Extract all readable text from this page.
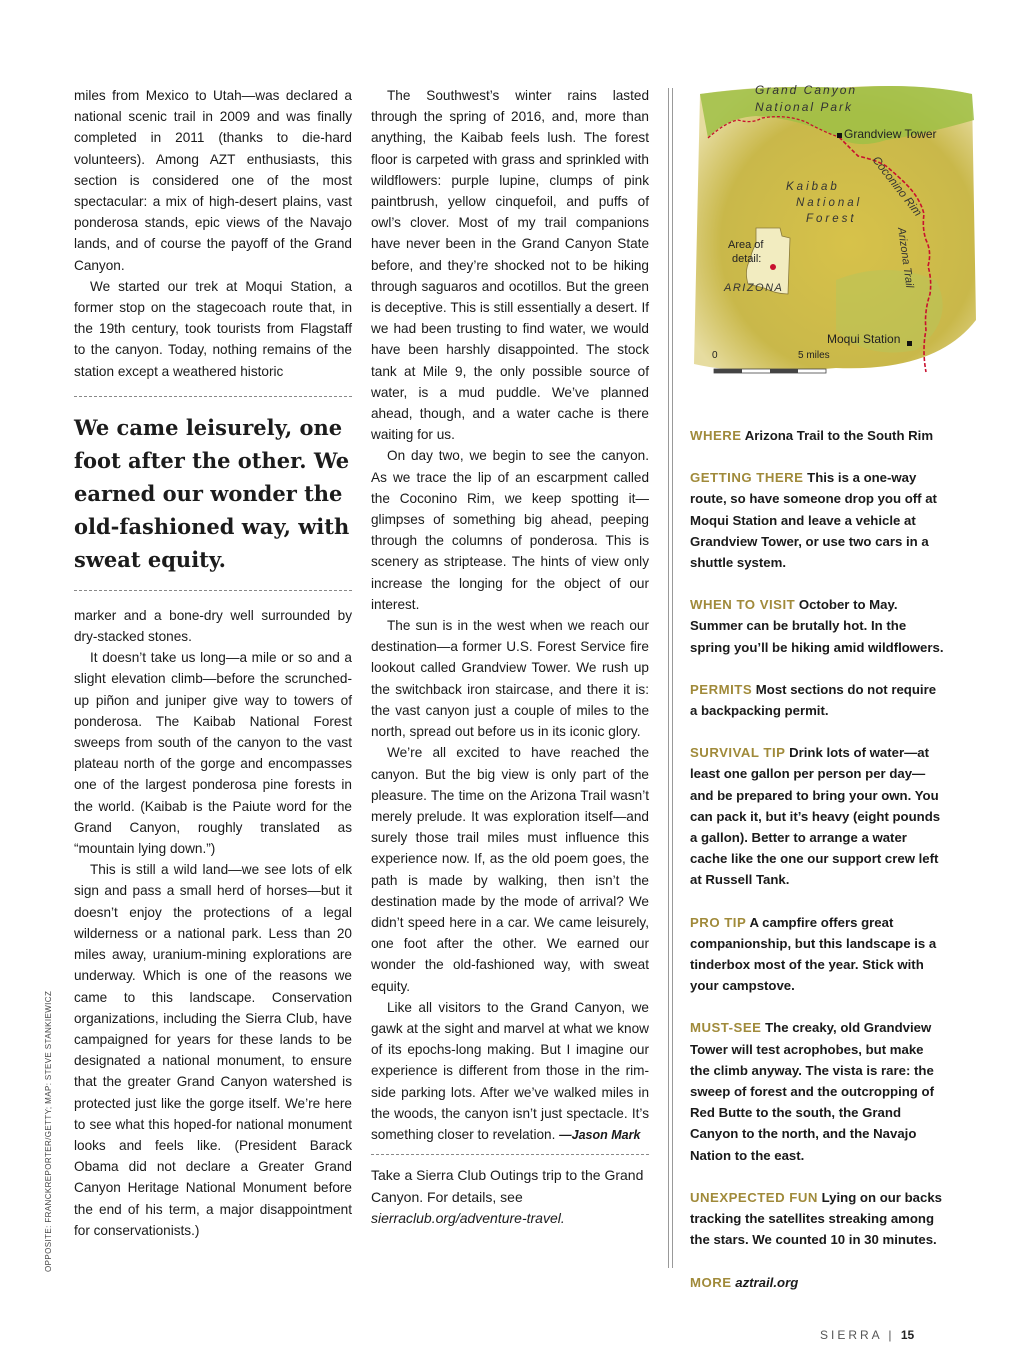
OPPOSITE: FRANCKREPORTER/GETTY; MAP: STEVE STANKIEWICZ

miles from Mexico to Utah—was declared a national scenic trail in 2009 and was finally completed in 2011 (thanks to die-hard volunteers). Among AZT enthusiasts, this section is considered one of the most spectacular: a mix of high-desert plains, vast ponderosa stands, epic views of the Navajo lands, and of course the payoff of the Grand Canyon.

We started our trek at Moqui Station, a former stop on the stagecoach route that, in the 19th century, took tourists from Flagstaff to the canyon. Today, nothing remains of the station except a weathered historic

We came leisurely, one foot after the other. We earned our wonder the old-fashioned way, with sweat equity.

marker and a bone-dry well surrounded by dry-stacked stones.

It doesn’t take us long—a mile or so and a slight elevation climb—before the scrunched-up piñon and juniper give way to towers of ponderosa. The Kaibab National Forest sweeps from south of the canyon to the vast plateau north of the gorge and encompasses one of the largest ponderosa pine forests in the world. (Kaibab is the Paiute word for the Grand Canyon, roughly translated as “mountain lying down.”)

This is still a wild land—we see lots of elk sign and pass a small herd of horses—but it doesn’t enjoy the protections of a legal wilderness or a national park. Less than 20 miles away, uranium-mining explorations are underway. Which is one of the reasons we came to this landscape. Conservation organizations, including the Sierra Club, have campaigned for years for these lands to be designated a national monument, to ensure that the greater Grand Canyon watershed is protected just like the gorge itself. We’re here to see what this hoped-for national monument looks and feels like. (President Barack Obama did not declare a Greater Grand Canyon Heritage National Monument before the end of his term, a major disappointment for conservationists.)

The Southwest’s winter rains lasted through the spring of 2016, and, more than anything, the Kaibab feels lush. The forest floor is carpeted with grass and sprinkled with wildflowers: purple lupine, clumps of pink paintbrush, yellow cinquefoil, and puffs of owl’s clover. Most of my trail companions have never been in the Grand Canyon State before, and they’re shocked not to be hiking through saguaros and ocotillos. But the green is deceptive. This is still essentially a desert. If we had been trusting to find water, we would have been harshly disappointed. The stock tank at Mile 9, the only possible source of water, is a mud puddle. We’ve planned ahead, though, and a water cache is there waiting for us.

On day two, we begin to see the canyon. As we trace the lip of an escarpment called the Coconino Rim, we keep spotting it—glimpses of something big ahead, peeping through the columns of ponderosa. This is scenery as striptease. The hints of view only increase the longing for the object of our interest.

The sun is in the west when we reach our destination—a former U.S. Forest Service fire lookout called Grandview Tower. We rush up the switchback iron staircase, and there it is: the vast canyon just a couple of miles to the north, spread out before us in its iconic glory.

We’re all excited to have reached the canyon. But the big view is only part of the pleasure. The time on the Arizona Trail wasn’t merely prelude. It was exploration itself—and surely those trail miles must influence this experience now. If, as the old poem goes, the path is made by walking, then isn’t the destination made by the mode of arrival? We didn’t speed here in a car. We came leisurely, one foot after the other. We earned our wonder the old-fashioned way, with sweat equity.

Like all visitors to the Grand Canyon, we gawk at the sight and marvel at what we know of its epochs-long making. But I imagine our experience is different from those in the rim-side parking lots. After we’ve walked miles in the woods, the canyon isn’t just spectacle. It’s something closer to revelation. —Jason Mark

Take a Sierra Club Outings trip to the Grand Canyon. For details, see sierraclub.org/adventure-travel.

Grand Canyon
National Park
Grandview Tower
Coconino Rim
Kaibab
National
Forest
Arizona Trail
Area of
detail:
ARIZONA
Moqui Station
0	5 miles

WHERE Arizona Trail to the South Rim

GETTING THERE This is a one-way route, so have someone drop you off at Moqui Station and leave a vehicle at Grandview Tower, or use two cars in a shuttle system.

WHEN TO VISIT October to May. Summer can be brutally hot. In the spring you’ll be hiking amid wildflowers.

PERMITS Most sections do not require a backpacking permit.

SURVIVAL TIP Drink lots of water—at least one gallon per person per day—and be prepared to bring your own. You can pack it, but it’s heavy (eight pounds a gallon). Better to arrange a water cache like the one our support crew left at Russell Tank.

PRO TIP A campfire offers great companionship, but this landscape is a tinderbox most of the year. Stick with your campstove.

MUST-SEE The creaky, old Grandview Tower will test acrophobes, but make the climb anyway. The vista is rare: the sweep of forest and the outcropping of Red Butte to the south, the Grand Canyon to the north, and the Navajo Nation to the east.

UNEXPECTED FUN Lying on our backs tracking the satellites streaking among the stars. We counted 10 in 30 minutes.

MORE aztrail.org

SIERRA | 15
